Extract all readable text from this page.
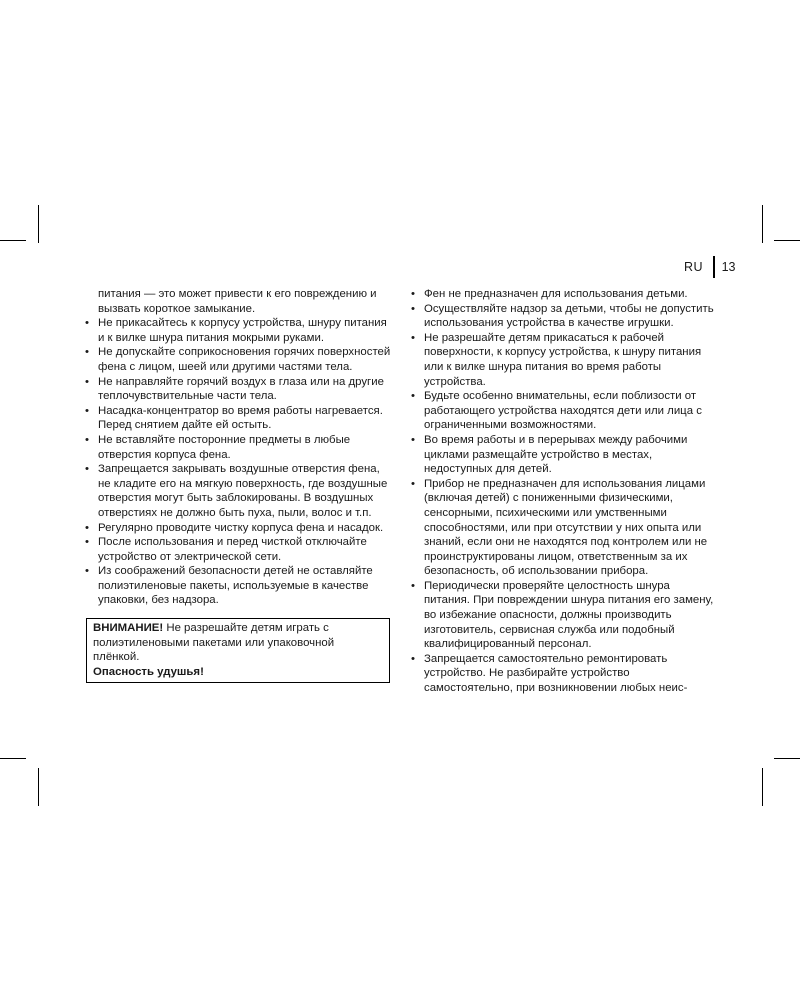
RU 13
питания — это может привести к его повреждению и вызвать короткое замыкание.
• Не прикасайтесь к корпусу устройства, шнуру питания и к вилке шнура питания мокрыми руками.
• Не допускайте соприкосновения горячих поверхностей фена с лицом, шеей или другими частями тела.
• Не направляйте горячий воздух в глаза или на другие теплочувствительные части тела.
• Насадка-концентратор во время работы нагревается. Перед снятием дайте ей остыть.
• Не вставляйте посторонние предметы в любые отверстия корпуса фена.
• Запрещается закрывать воздушные отверстия фена, не кладите его на мягкую поверхность, где воздушные отверстия могут быть заблокированы. В воздушных отверстиях не должно быть пуха, пыли, волос и т.п.
• Регулярно проводите чистку корпуса фена и насадок.
• После использования и перед чисткой отключайте устройство от электрической сети.
• Из соображений безопасности детей не оставляйте полиэтиленовые пакеты, используемые в качестве упаковки, без надзора.
ВНИМАНИЕ! Не разрешайте детям играть с полиэтиленовыми пакетами или упаковочной плёнкой.
Опасность удушья!
• Фен не предназначен для использования детьми.
• Осуществляйте надзор за детьми, чтобы не допустить использования устройства в качестве игрушки.
• Не разрешайте детям прикасаться к рабочей поверхности, к корпусу устройства, к шнуру питания или к вилке шнура питания во время работы устройства.
• Будьте особенно внимательны, если поблизости от работающего устройства находятся дети или лица с ограниченными возможностями.
• Во время работы и в перерывах между рабочими циклами размещайте устройство в местах, недоступных для детей.
• Прибор не предназначен для использования лицами (включая детей) с пониженными физическими, сенсорными, психическими или умственными способностями, или при отсутствии у них опыта или знаний, если они не находятся под контролем или не проинструктированы лицом, ответственным за их безопасность, об использовании прибора.
• Периодически проверяйте целостность шнура питания. При повреждении шнура питания его замену, во избежание опасности, должны производить изготовитель, сервисная служба или подобный квалифицированный персонал.
• Запрещается самостоятельно ремонтировать устройство. Не разбирайте устройство самостоятельно, при возникновении любых неис-
